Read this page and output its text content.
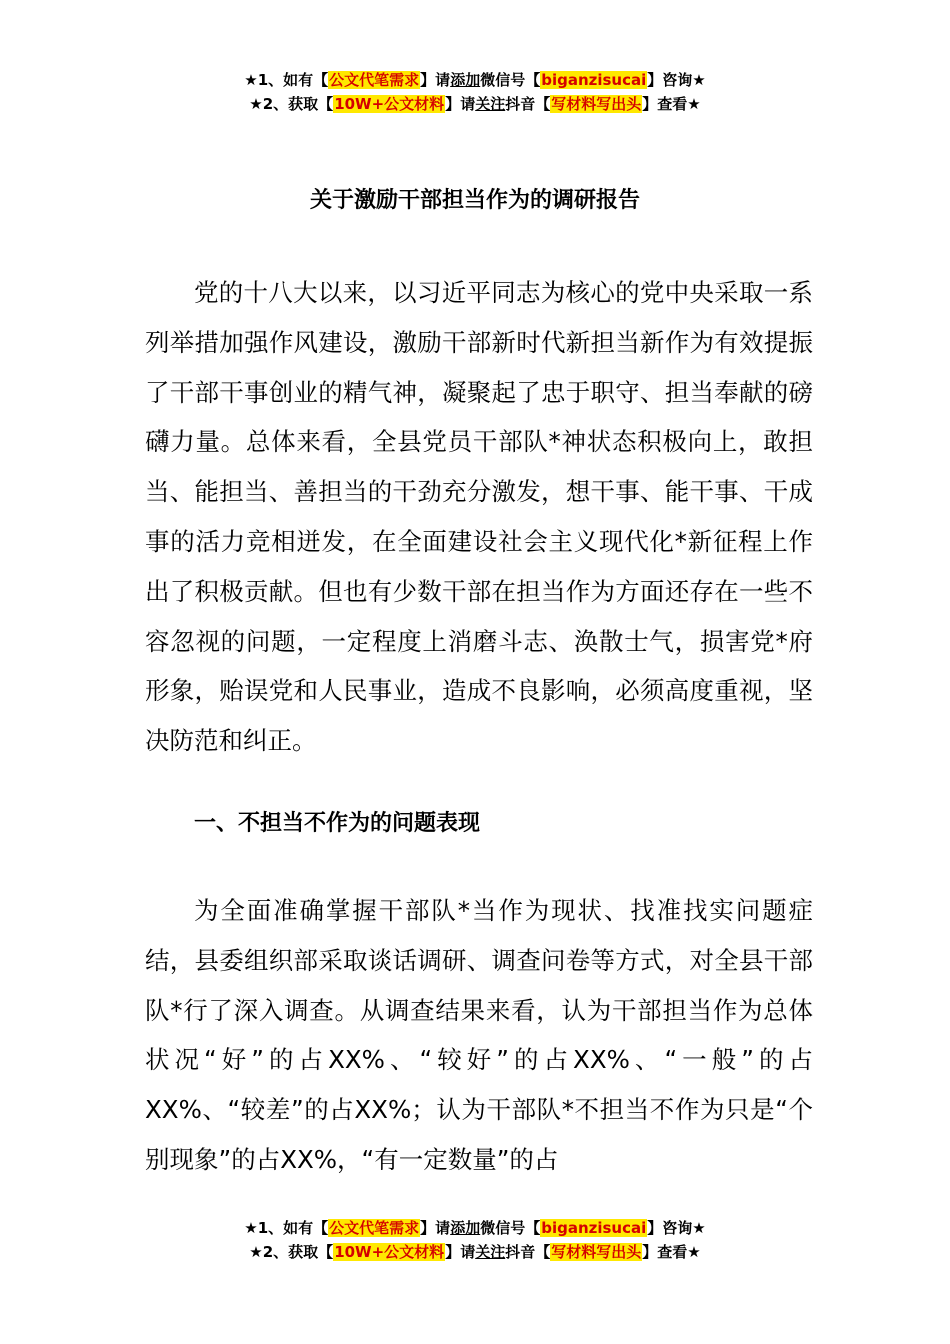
★1、如有【公文代笔需求】请添加微信号【biganzisucai】咨询★
★2、获取【10W+公文材料】请关注抖音【写材料写出头】查看★
关于激励干部担当作为的调研报告

党的十八大以来，以习近平同志为核心的党中央采取一系列举措加强作风建设，激励干部新时代新担当新作为有效提振了干部干事创业的精气神，凝聚起了忠于职守、担当奉献的磅礴力量。总体来看，全县党员干部队*神状态积极向上，敢担当、能担当、善担当的干劲充分激发，想干事、能干事、干成事的活力竞相迸发，在全面建设社会主义现代化*新征程上作出了积极贡献。但也有少数干部在担当作为方面还存在一些不容忽视的问题，一定程度上消磨斗志、涣散士气，损害党*府形象，贻误党和人民事业，造成不良影响，必须高度重视，坚决防范和纠正。

一、不担当不作为的问题表现

为全面准确掌握干部队*当作为现状、找准找实问题症结，县委组织部采取谈话调研、调查问卷等方式，对全县干部队*行了深入调查。从调查结果来看，认为干部担当作为总体状况“好”的占XX%、“较好”的占XX%、“一般”的占XX%、“较差”的占XX%；认为干部队*不担当不作为只是“个别现象”的占XX%，“有一定数量”的占

★1、如有【公文代笔需求】请添加微信号【biganzisucai】咨询★
★2、获取【10W+公文材料】请关注抖音【写材料写出头】查看★
